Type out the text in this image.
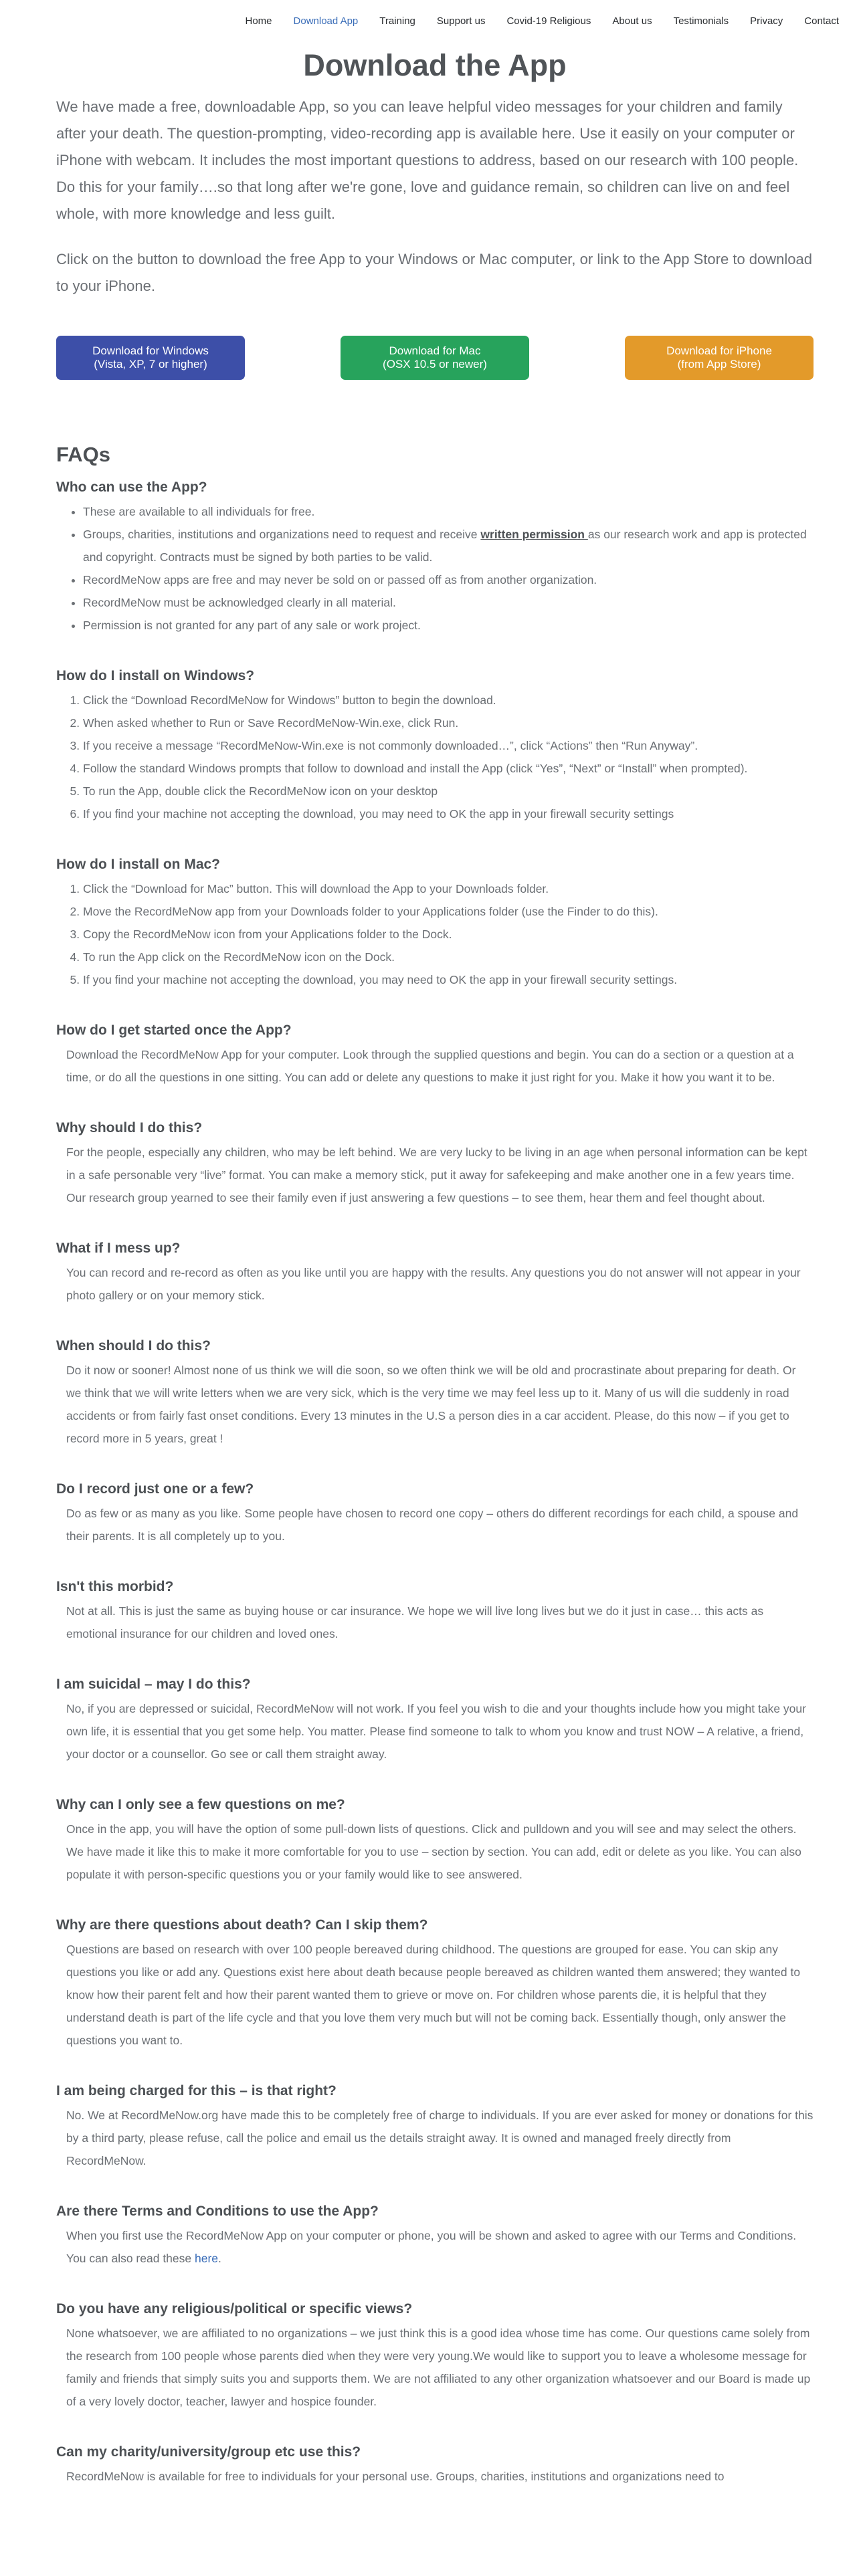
Home Download App Training Support us Covid-19 Religious About us Testimonials Privacy Contact
Download the App

We have made a free, downloadable App, so you can leave helpful video messages for your children and family after your death. The question-prompting, video-recording app is available here. Use it easily on your computer or iPhone with webcam. It includes the most important questions to address, based on our research with 100 people. Do this for your family….so that long after we're gone, love and guidance remain, so children can live on and feel whole, with more knowledge and less guilt.

Click on the button to download the free App to your Windows or Mac computer, or link to the App Store to download to your iPhone.

Download for Windows
(Vista, XP, 7 or higher)
Download for Mac
(OSX 10.5 or newer)
Download for iPhone
(from App Store)
FAQs
Who can use the App?
• These are available to all individuals for free.
• Groups, charities, institutions and organizations need to request and receive written permission as our research work and app is protected and copyright. Contracts must be signed by both parties to be valid.
• RecordMeNow apps are free and may never be sold on or passed off as from another organization.
• RecordMeNow must be acknowledged clearly in all material.
• Permission is not granted for any part of any sale or work project.
How do I install on Windows?
1. Click the “Download RecordMeNow for Windows” button to begin the download.
2. When asked whether to Run or Save RecordMeNow-Win.exe, click Run.
3. If you receive a message “RecordMeNow-Win.exe is not commonly downloaded…”, click “Actions” then “Run Anyway”.
4. Follow the standard Windows prompts that follow to download and install the App (click “Yes”, “Next” or “Install” when prompted).
5. To run the App, double click the RecordMeNow icon on your desktop
6. If you find your machine not accepting the download, you may need to OK the app in your firewall security settings
How do I install on Mac?
1. Click the “Download for Mac” button. This will download the App to your Downloads folder.
2. Move the RecordMeNow app from your Downloads folder to your Applications folder (use the Finder to do this).
3. Copy the RecordMeNow icon from your Applications folder to the Dock.
4. To run the App click on the RecordMeNow icon on the Dock.
5. If you find your machine not accepting the download, you may need to OK the app in your firewall security settings.
How do I get started once the App?

Download the RecordMeNow App for your computer. Look through the supplied questions and begin. You can do a section or a question at a time, or do all the questions in one sitting. You can add or delete any questions to make it just right for you. Make it how you want it to be.

Why should I do this?

For the people, especially any children, who may be left behind. We are very lucky to be living in an age when personal information can be kept in a safe personable very “live” format. You can make a memory stick, put it away for safekeeping and make another one in a few years time. Our research group yearned to see their family even if just answering a few questions – to see them, hear them and feel thought about.

What if I mess up?

You can record and re-record as often as you like until you are happy with the results. Any questions you do not answer will not appear in your photo gallery or on your memory stick.

When should I do this?

Do it now or sooner! Almost none of us think we will die soon, so we often think we will be old and procrastinate about preparing for death. Or we think that we will write letters when we are very sick, which is the very time we may feel less up to it. Many of us will die suddenly in road accidents or from fairly fast onset conditions. Every 13 minutes in the U.S a person dies in a car accident. Please, do this now – if you get to record more in 5 years, great !

Do I record just one or a few?

Do as few or as many as you like. Some people have chosen to record one copy – others do different recordings for each child, a spouse and their parents. It is all completely up to you.

Isn't this morbid?

Not at all. This is just the same as buying house or car insurance. We hope we will live long lives but we do it just in case… this acts as emotional insurance for our children and loved ones.

I am suicidal – may I do this?

No, if you are depressed or suicidal, RecordMeNow will not work. If you feel you wish to die and your thoughts include how you might take your own life, it is essential that you get some help. You matter. Please find someone to talk to whom you know and trust NOW – A relative, a friend, your doctor or a counsellor. Go see or call them straight away.

Why can I only see a few questions on me?

Once in the app, you will have the option of some pull-down lists of questions. Click and pulldown and you will see and may select the others. We have made it like this to make it more comfortable for you to use – section by section. You can add, edit or delete as you like. You can also populate it with person-specific questions you or your family would like to see answered.

Why are there questions about death? Can I skip them?

Questions are based on research with over 100 people bereaved during childhood. The questions are grouped for ease. You can skip any questions you like or add any. Questions exist here about death because people bereaved as children wanted them answered; they wanted to know how their parent felt and how their parent wanted them to grieve or move on. For children whose parents die, it is helpful that they understand death is part of the life cycle and that you love them very much but will not be coming back. Essentially though, only answer the questions you want to.

I am being charged for this – is that right?

No. We at RecordMeNow.org have made this to be completely free of charge to individuals. If you are ever asked for money or donations for this by a third party, please refuse, call the police and email us the details straight away. It is owned and managed freely directly from RecordMeNow.

Are there Terms and Conditions to use the App?

When you first use the RecordMeNow App on your computer or phone, you will be shown and asked to agree with our Terms and Conditions. You can also read these here.

Do you have any religious/political or specific views?

None whatsoever, we are affiliated to no organizations – we just think this is a good idea whose time has come. Our questions came solely from the research from 100 people whose parents died when they were very young.We would like to support you to leave a wholesome message for family and friends that simply suits you and supports them. We are not affiliated to any other organization whatsoever and our Board is made up of a very lovely doctor, teacher, lawyer and hospice founder.

Can my charity/university/group etc use this?

RecordMeNow is available for free to individuals for your personal use. Groups, charities, institutions and organizations need to
